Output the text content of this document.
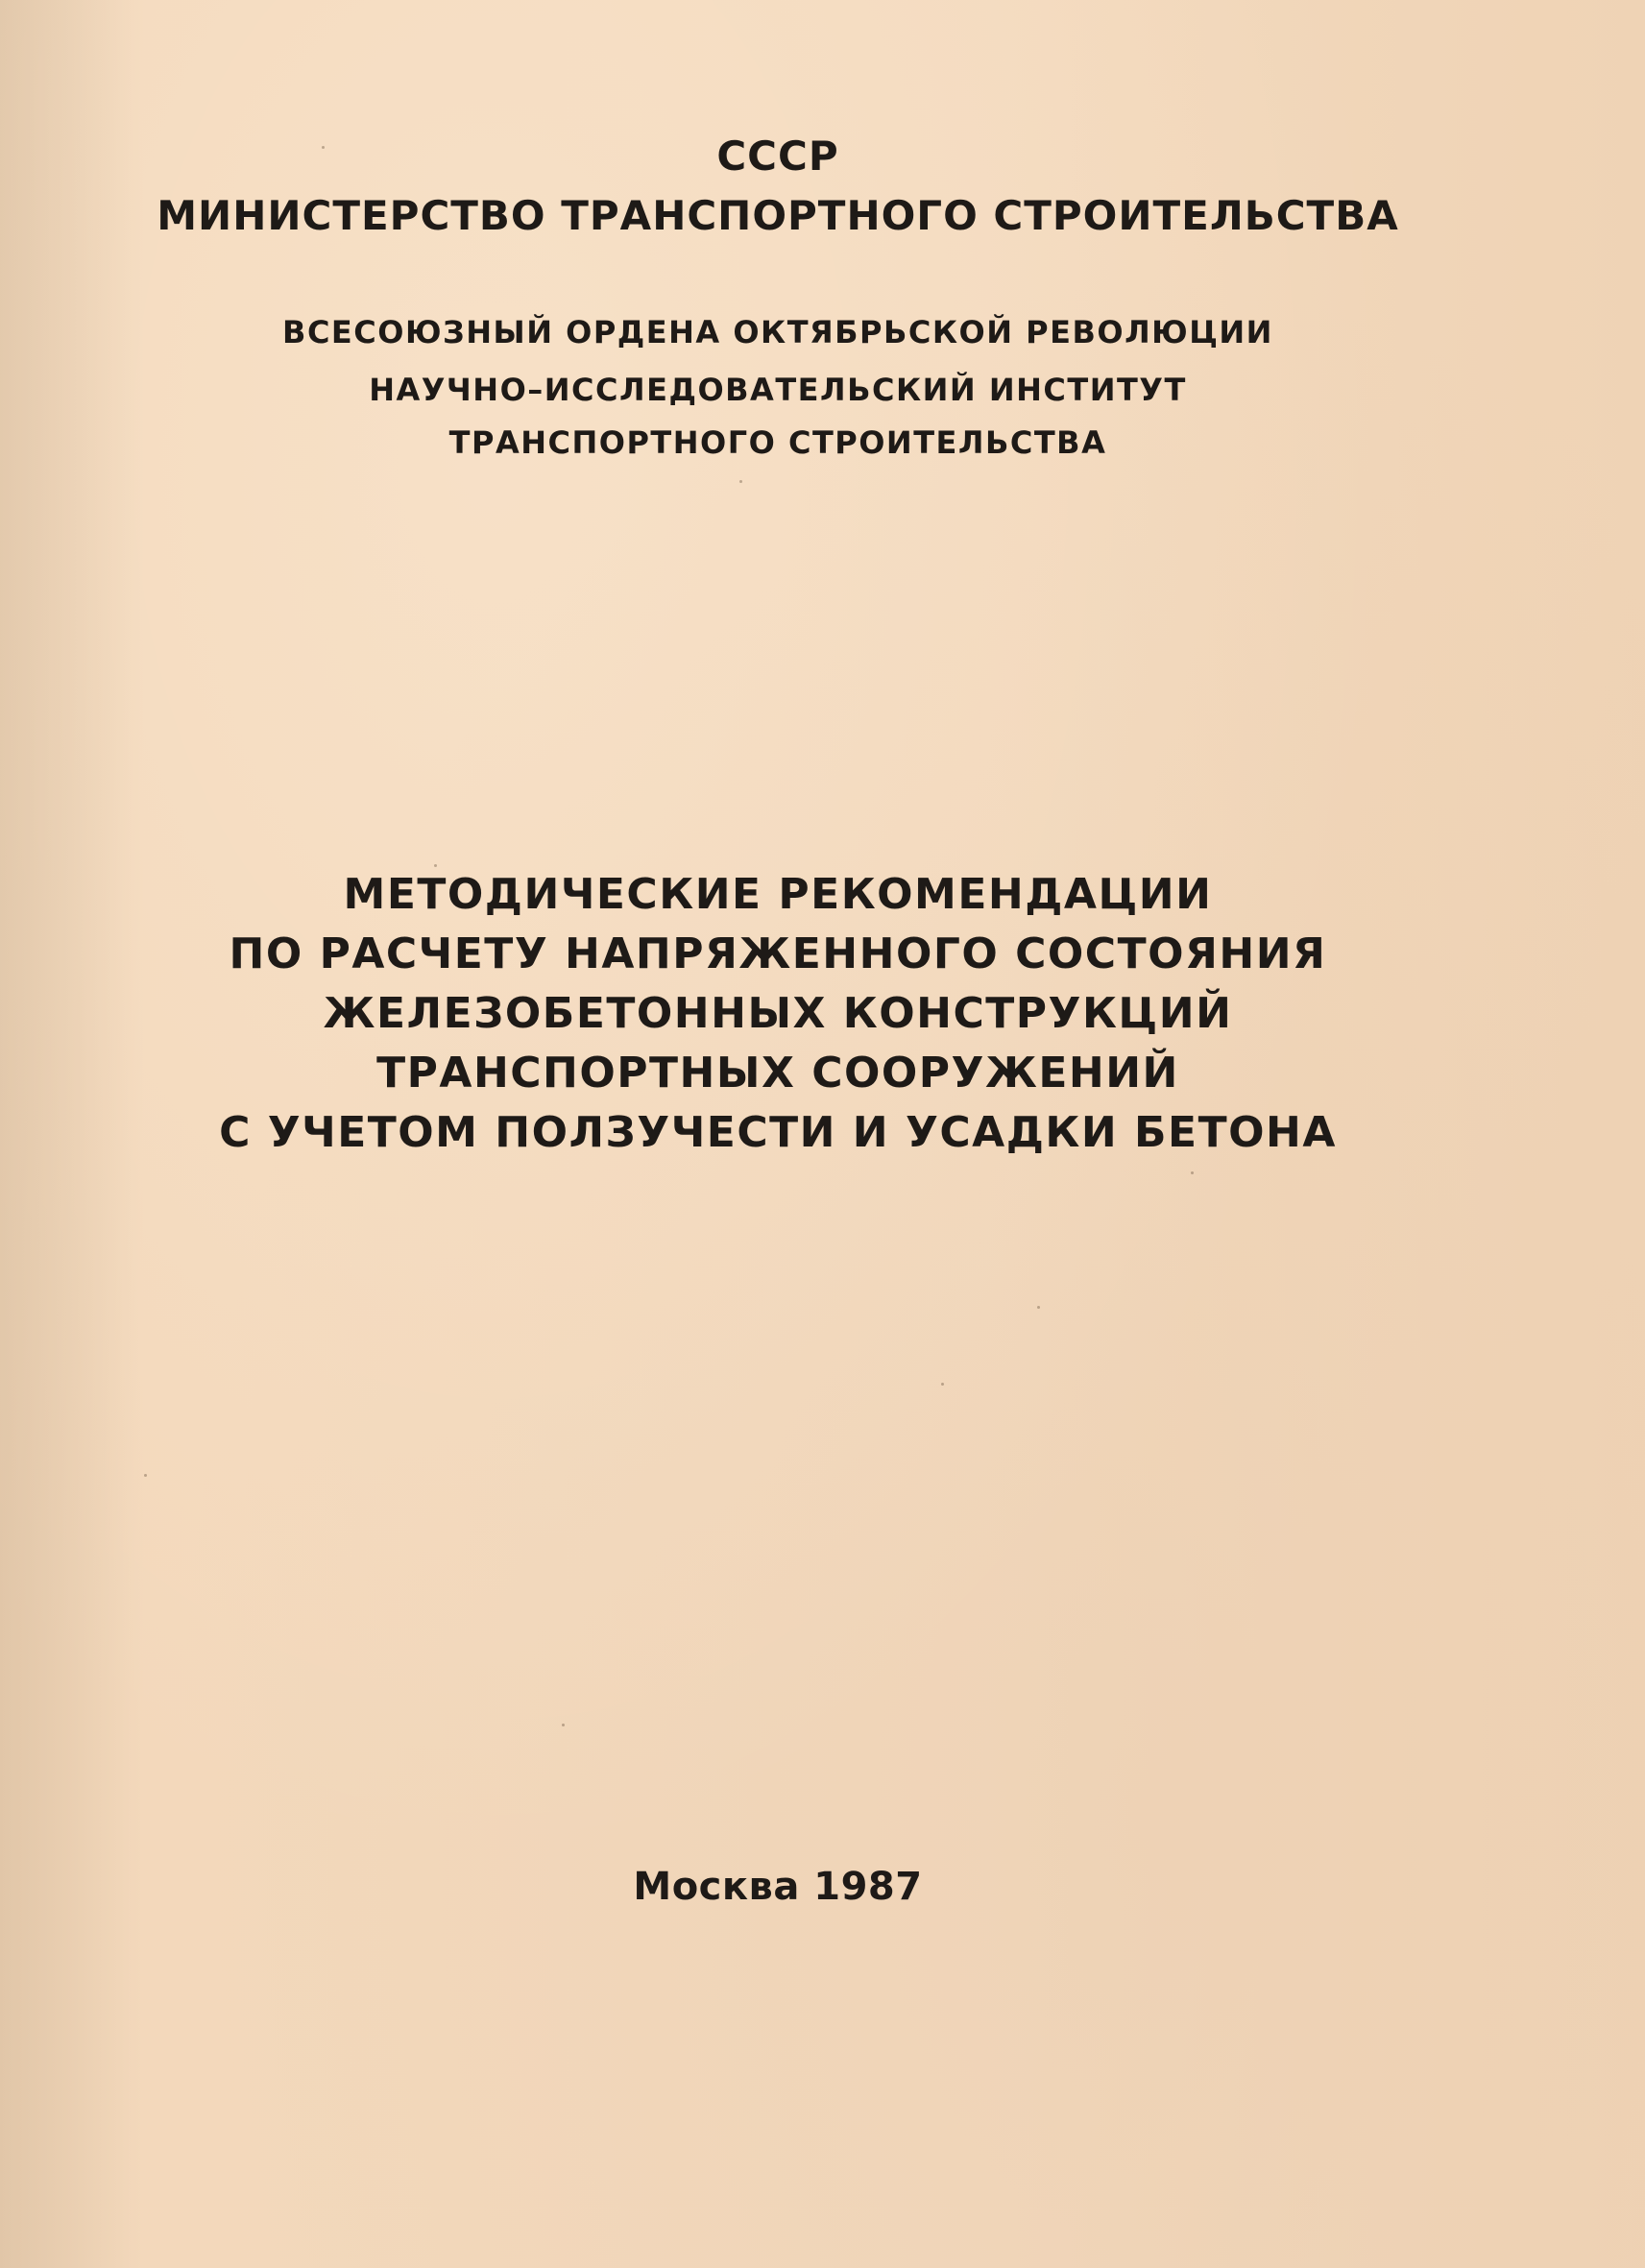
СССР
МИНИСТЕРСТВО ТРАНСПОРТНОГО СТРОИТЕЛЬСТВА
ВСЕСОЮЗНЫЙ ОРДЕНА ОКТЯБРЬСКОЙ РЕВОЛЮЦИИ
НАУЧНО–ИССЛЕДОВАТЕЛЬСКИЙ ИНСТИТУТ
ТРАНСПОРТНОГО СТРОИТЕЛЬСТВА
МЕТОДИЧЕСКИЕ РЕКОМЕНДАЦИИ
ПО РАСЧЕТУ НАПРЯЖЕННОГО СОСТОЯНИЯ
ЖЕЛЕЗОБЕТОННЫХ КОНСТРУКЦИЙ
ТРАНСПОРТНЫХ СООРУЖЕНИЙ
С УЧЕТОМ ПОЛЗУЧЕСТИ И УСАДКИ БЕТОНА
Москва 1987
